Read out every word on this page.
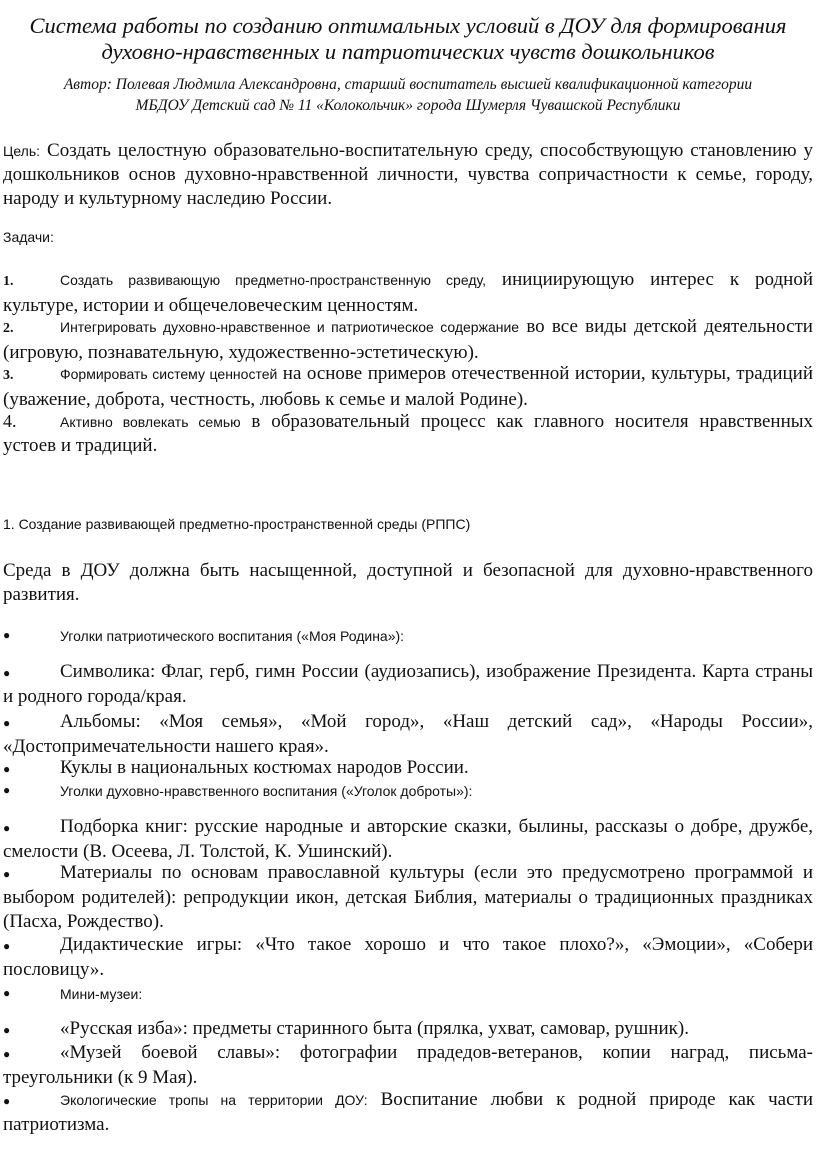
Система работы по созданию оптимальных условий в ДОУ для формирования духовно-нравственных и патриотических чувств дошкольников
Автор: Полевая Людмила Александровна, старший воспитатель высшей квалификационной категории
МБДОУ Детский сад № 11 «Колокольчик» города Шумерля Чувашской Республики
Цель: Создать целостную образовательно-воспитательную среду, способствующую становлению у дошкольников основ духовно-нравственной личности, чувства сопричастности к семье, городу, народу и культурному наследию России.
Задачи:
1.	Создать развивающую предметно-пространственную среду, инициирующую интерес к родной культуре, истории и общечеловеческим ценностям.
2.	Интегрировать духовно-нравственное и патриотическое содержание во все виды детской деятельности (игровую, познавательную, художественно-эстетическую).
3.	Формировать систему ценностей на основе примеров отечественной истории, культуры, традиций (уважение, доброта, честность, любовь к семье и малой Родине).
4.	Активно вовлекать семью в образовательный процесс как главного носителя нравственных устоев и традиций.
1. Создание развивающей предметно-пространственной среды (РППС)
Среда в ДОУ должна быть насыщенной, доступной и безопасной для духовно-нравственного развития.
●	Уголки патриотического воспитания («Моя Родина»):
●	Символика: Флаг, герб, гимн России (аудиозапись), изображение Президента. Карта страны и родного города/края.
●	Альбомы: «Моя семья», «Мой город», «Наш детский сад», «Народы России», «Достопримечательности нашего края».
●	Куклы в национальных костюмах народов России.
●	Уголки духовно-нравственного воспитания («Уголок доброты»):
●	Подборка книг: русские народные и авторские сказки, былины, рассказы о добре, дружбе, смелости (В. Осеева, Л. Толстой, К. Ушинский).
●	Материалы по основам православной культуры (если это предусмотрено программой и выбором родителей): репродукции икон, детская Библия, материалы о традиционных праздниках (Пасха, Рождество).
●	Дидактические игры: «Что такое хорошо и что такое плохо?», «Эмоции», «Собери пословицу».
●	Мини-музеи:
●	«Русская изба»: предметы старинного быта (прялка, ухват, самовар, рушник).
●	«Музей боевой славы»: фотографии прадедов-ветеранов, копии наград, письма-треугольники (к 9 Мая).
●	Экологические тропы на территории ДОУ: Воспитание любви к родной природе как части патриотизма.
